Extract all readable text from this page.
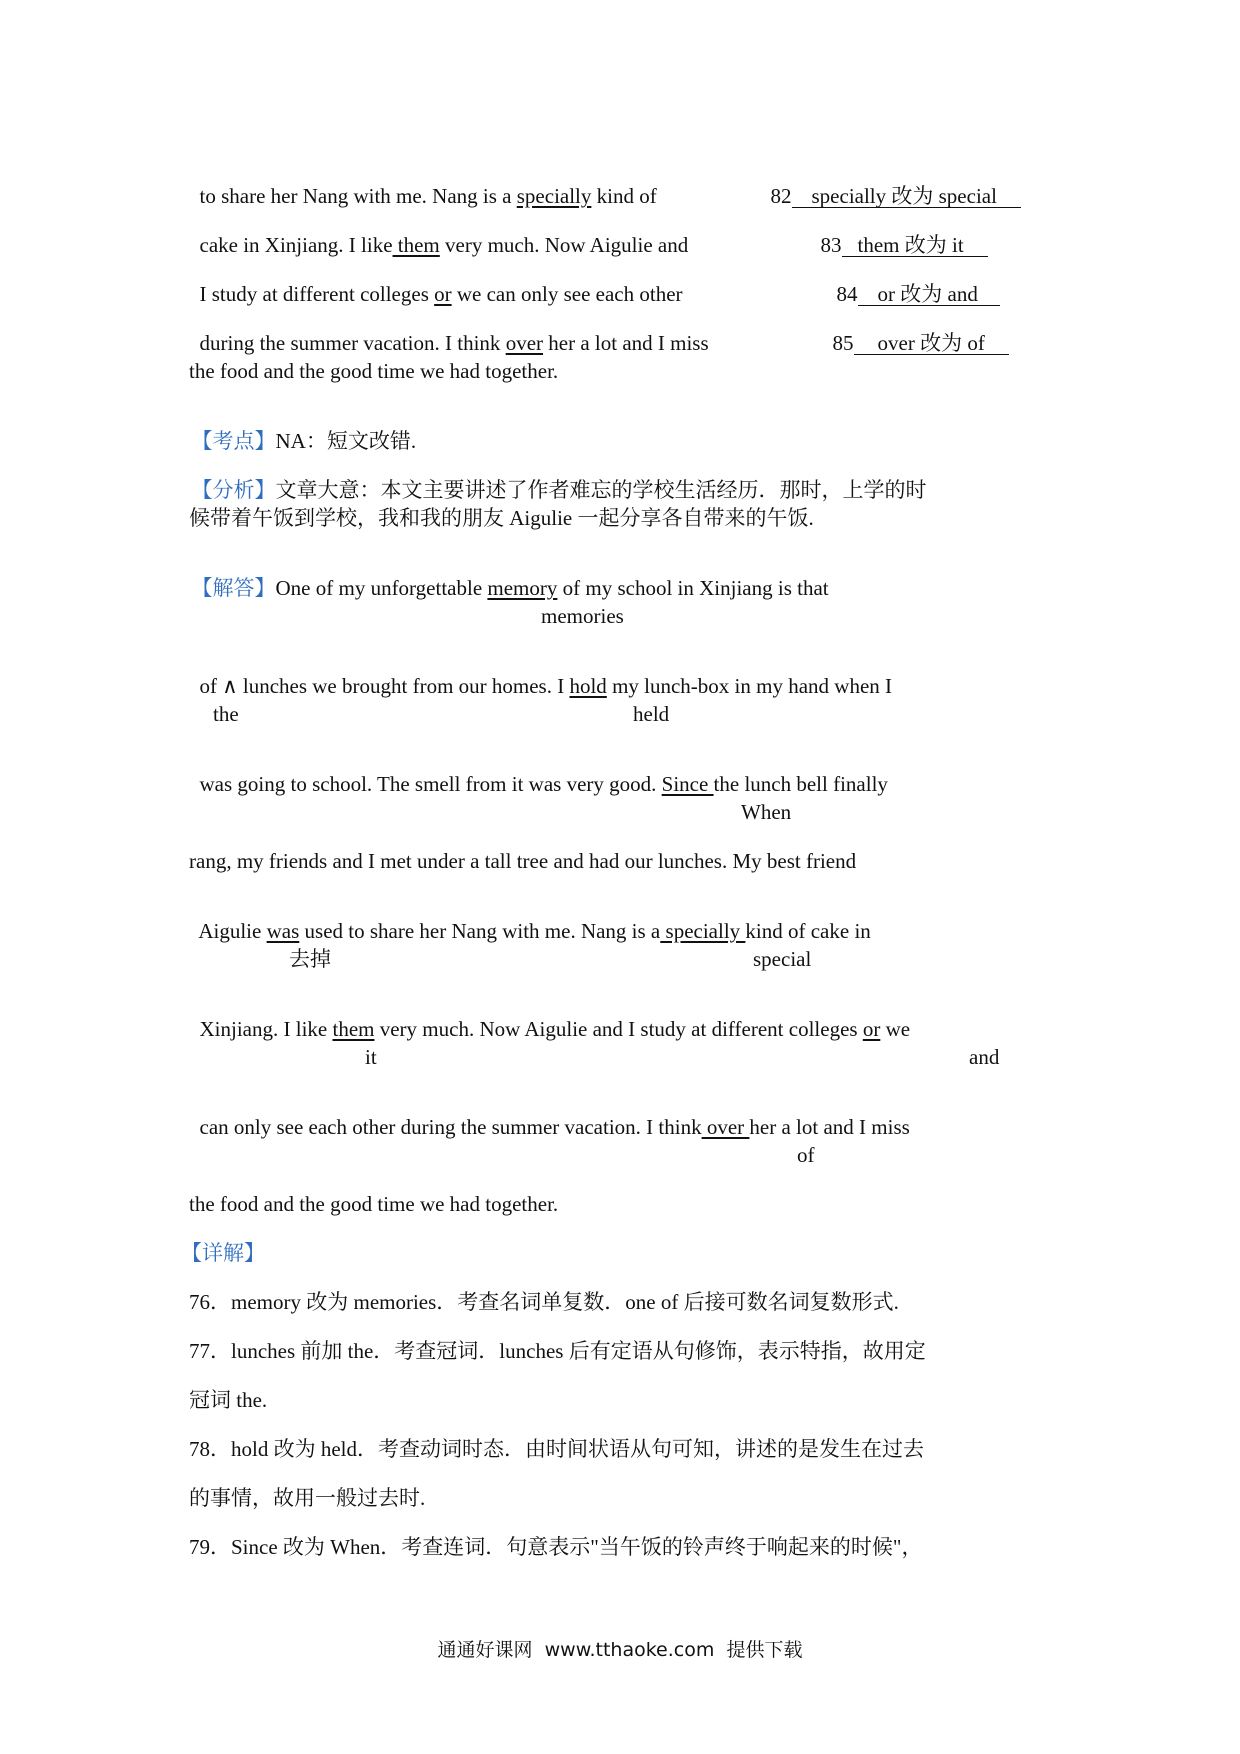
to share her Nang with me. Nang is a specially kind of	82 specially 改为 special

cake in Xinjiang. I like them very much. Now Aigulie and	83 them 改为 it

I study at different colleges or we can only see each other	84 or 改为 and

during the summer vacation. I think over her a lot and I miss	85 over 改为 of

the food and the good time we had together.

【考点】NA：短文改错.

【分析】文章大意：本文主要讲述了作者难忘的学校生活经历．那时，上学的时

候带着午饭到学校，我和我的朋友 Aigulie 一起分享各自带来的午饭.

【解答】One of my unforgettable memory of my school in Xinjiang is that

memories

of ∧ lunches we brought from our homes. I hold my lunch-box in my hand when I

the	held

was going to school. The smell from it was very good. Since the lunch bell finally

When
rang, my friends and I met under a tall tree and had our lunches. My best friend

Aigulie was used to share her Nang with me. Nang is a specially kind of cake in

去掉	special

Xinjiang. I like them very much. Now Aigulie and I study at different colleges or we

it	and

can only see each other during the summer vacation. I think over her a lot and I miss

of
the food and the good time we had together.
【详解】
76．memory 改为 memories．考查名词单复数．one of 后接可数名词复数形式.
77．lunches 前加 the．考查冠词．lunches 后有定语从句修饰，表示特指，故用定
冠词 the.
78．hold 改为 held．考查动词时态．由时间状语从句可知，讲述的是发生在过去
的事情，故用一般过去时.
79．Since 改为 When．考查连词．句意表示"当午饭的铃声终于响起来的时候"，
通通好课网  www.tthaoke.com  提供下载
